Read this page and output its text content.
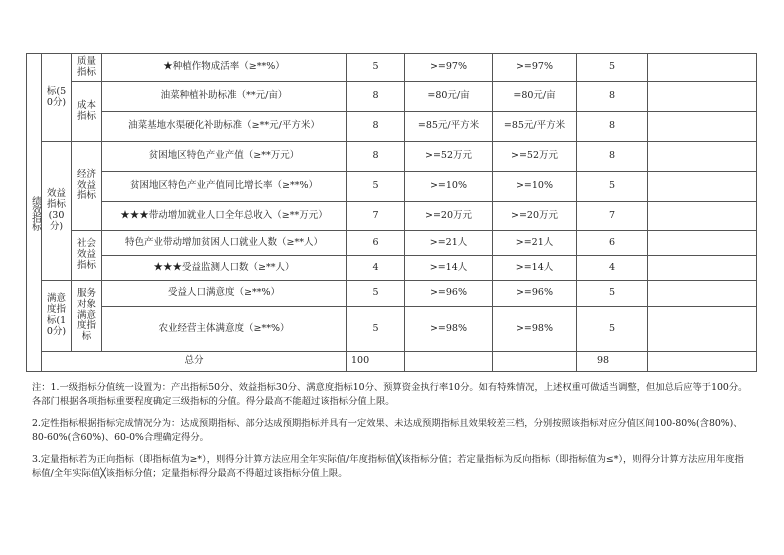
绩效指标	标(50分)	质量指标	★种植作物成活率（≥**%）	5	>=97%	>=97%	5	

		成本指标	油菜种植补助标准（**元/亩）	8	=80元/亩	=80元/亩	8	
			油菜基地水渠硬化补助标准（≥**元/平方米）	8	=85元/平方米	=85元/平方米	8	

	效益指标(30分)	经济效益指标	贫困地区特色产业产值（≥**万元）	8	>=52万元	>=52万元	8	
			贫困地区特色产业产值同比增长率（≥**%）	5	>=10%	>=10%	5	
			★★★带动增加就业人口全年总收入（≥**万元）	7	>=20万元	>=20万元	7	

		社会效益指标	特色产业带动增加贫困人口就业人数（≥**人）	6	>=21人	>=21人	6	
			★★★受益监测人口数（≥**人）	4	>=14人	>=14人	4	

	满意度指标(10分)	服务对象满意度指标	受益人口满意度（≥**%）	5	>=96%	>=96%	5	
			农业经营主体满意度（≥**%）	5	>=98%	>=98%	5	
	总分			100			98	

注：1.一级指标分值统一设置为：产出指标50分、效益指标30分、满意度指标10分、预算资金执行率10分。如有特殊情况，上述权重可做适当调整，但加总后应等于100分。各部门根据各项指标重要程度确定三级指标的分值。得分最高不能超过该指标分值上限。

2.定性指标根据指标完成情况分为：达成预期指标、部分达成预期指标并具有一定效果、未达成预期指标且效果较差三档，分别按照该指标对应分值区间100-80%(含80%)、80-60%(含60%)、60-0%合理确定得分。

3.定量指标若为正向指标（即指标值为≥*），则得分计算方法应用全年实际值/年度指标值╳该指标分值；若定量指标为反向指标（即指标值为≤*），则得分计算方法应用年度指标值/全年实际值╳该指标分值；定量指标得分最高不得超过该指标分值上限。
